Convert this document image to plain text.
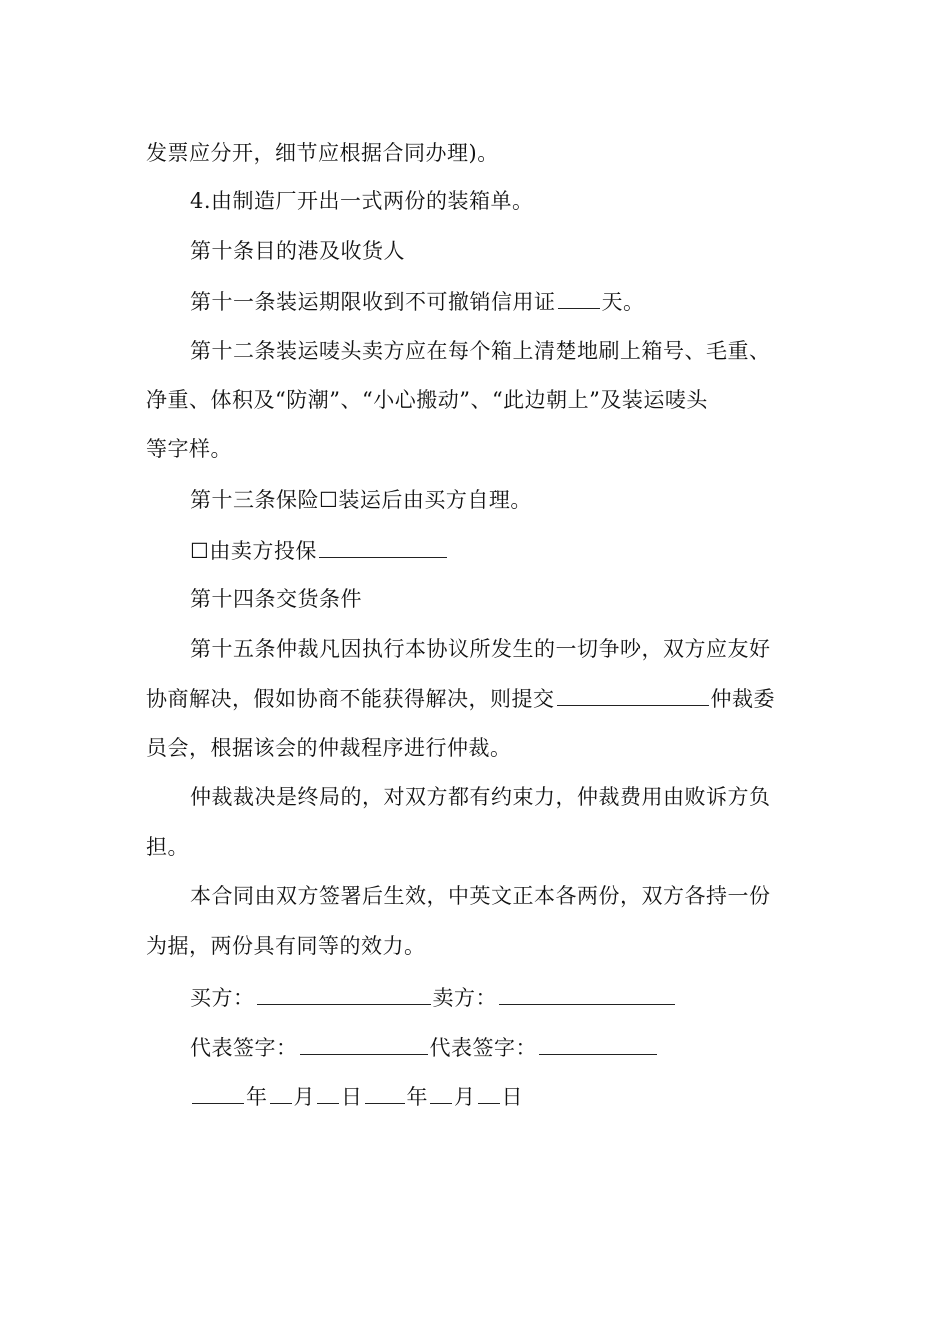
发票应分开，细节应根据合同办理)。
4.由制造厂开出一式两份的装箱单。
第十条目的港及收货人
第十一条装运期限收到不可撤销信用证 天。
第十二条装运唛头卖方应在每个箱上清楚地刷上箱号、毛重、
净重、体积及“防潮”、“小心搬动”、“此边朝上”及装运唛头
等字样。
第十三条保险☐装运后由买方自理。
☐由卖方投保
第十四条交货条件
第十五条仲裁凡因执行本协议所发生的一切争吵，双方应友好
协商解决，假如协商不能获得解决，则提交	仲裁委
员会，根据该会的仲裁程序进行仲裁。
仲裁裁决是终局的，对双方都有约束力，仲裁费用由败诉方负
担。
本合同由双方签署后生效，中英文正本各两份，双方各持一份
为据，两份具有同等的效力。
买方：	卖方：
代表签字：	代表签字：
年 月 日 年 月 日
